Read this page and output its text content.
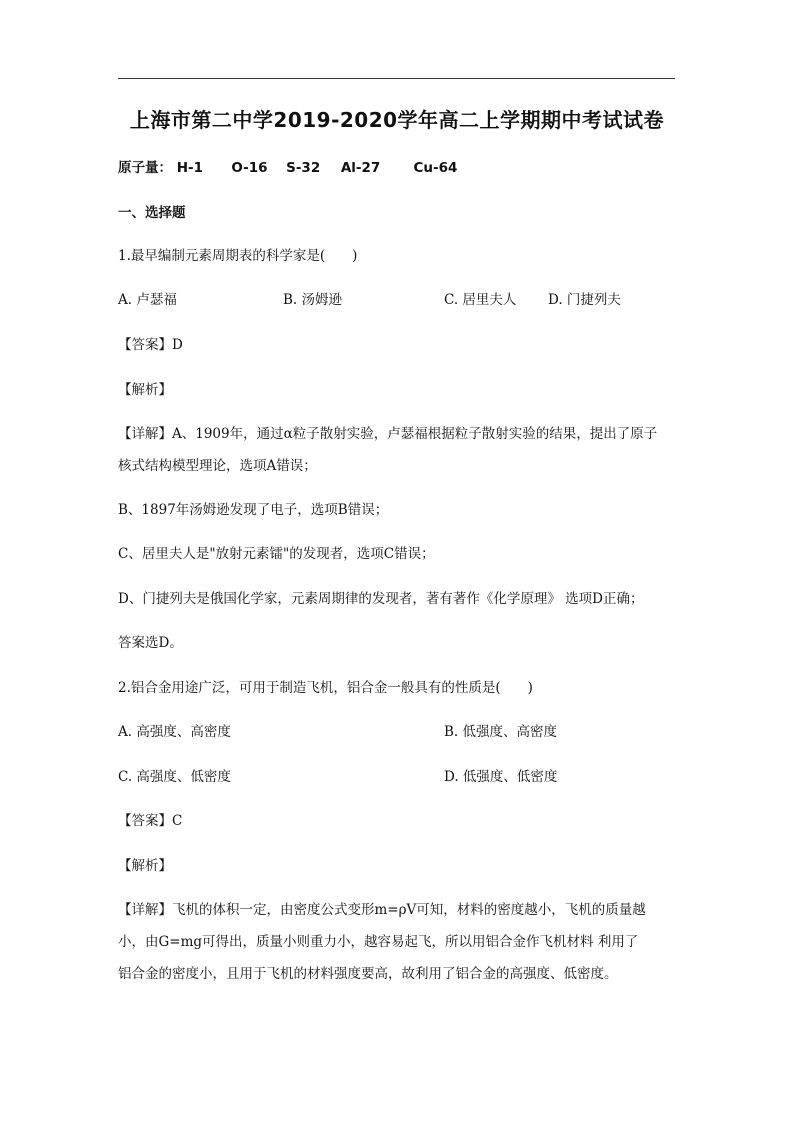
上海市第二中学2019-2020学年高二上学期期中考试试卷
原子量： H-1 O-16 S-32 Al-27 Cu-64
一、选择题
1.最早编制元素周期表的科学家是(　　)
A. 卢瑟福	B. 汤姆逊	C. 居里夫人 D. 门捷列夫
【答案】D
【解析】
【详解】A、1909年，通过α粒子散射实验，卢瑟福根据粒子散射实验的结果，提出了原子
核式结构模型理论，选项A错误；
B、1897年汤姆逊发现了电子，选项B错误；
C、居里夫人是"放射元素镭"的发现者，选项C错误；
D、门捷列夫是俄国化学家，元素周期律的发现者，著有著作《化学原理》 选项D正确；
答案选D。
2.铝合金用途广泛，可用于制造飞机，铝合金一般具有的性质是(　　)
A. 高强度、高密度	B. 低强度、高密度
C. 高强度、低密度	D. 低强度、低密度
【答案】C
【解析】
【详解】飞机的体积一定，由密度公式变形m=ρV可知，材料的密度越小，飞机的质量越
小，由G=mg可得出，质量小则重力小，越容易起飞，所以用铝合金作飞机材料 利用了
铝合金的密度小，且用于飞机的材料强度要高，故利用了铝合金的高强度、低密度。
